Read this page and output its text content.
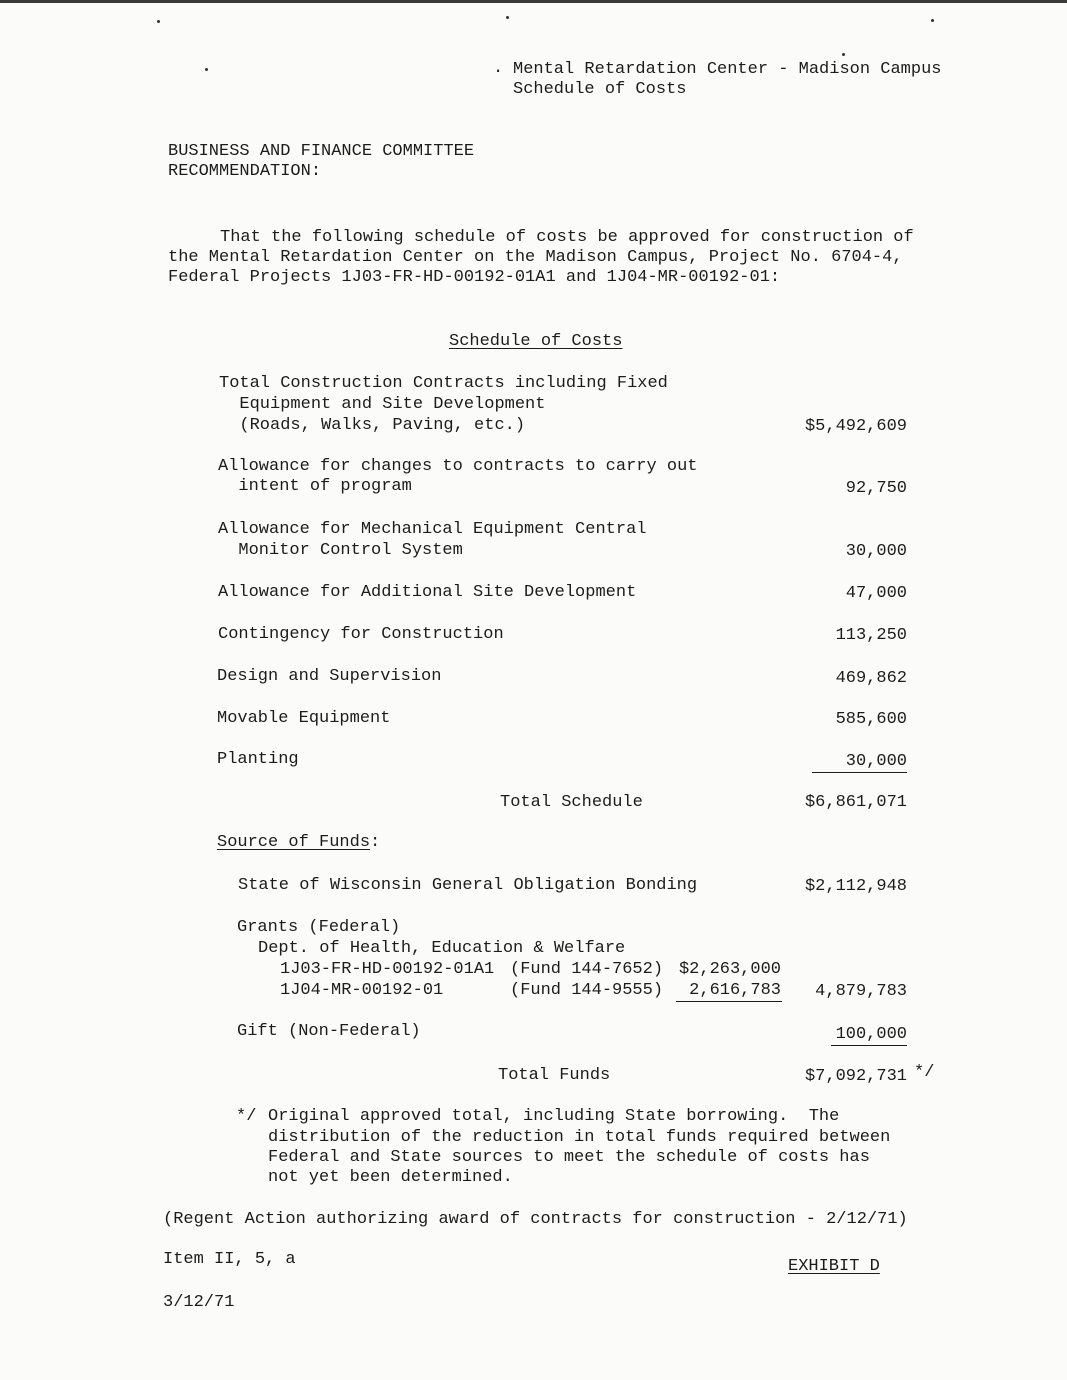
. Mental Retardation Center - Madison Campus
Schedule of Costs
BUSINESS AND FINANCE COMMITTEE
RECOMMENDATION:
That the following schedule of costs be approved for construction of
the Mental Retardation Center on the Madison Campus, Project No. 6704-4,
Federal Projects 1J03-FR-HD-00192-01A1 and 1J04-MR-00192-01:
Schedule of Costs
Total Construction Contracts including Fixed
Equipment and Site Development
(Roads, Walks, Paving, etc.)	$5,492,609
Allowance for changes to contracts to carry out
intent of program	92,750
Allowance for Mechanical Equipment Central
Monitor Control System	30,000
Allowance for Additional Site Development	47,000
Contingency for Construction	113,250
Design and Supervision	469,862
Movable Equipment	585,600
Planting	30,000
Total Schedule	$6,861,071
Source of Funds:
State of Wisconsin General Obligation Bonding	$2,112,948
Grants (Federal)
Dept. of Health, Education & Welfare
1J03-FR-HD-00192-01A1 (Fund 144-7652) $2,263,000
1J04-MR-00192-01	(Fund 144-9555) 2,616,783 4,879,783
Gift (Non-Federal)	100,000
Total Funds	$7,092,731 */
*/ Original approved total, including State borrowing.  The
distribution of the reduction in total funds required between
Federal and State sources to meet the schedule of costs has
not yet been determined.
(Regent Action authorizing award of contracts for construction - 2/12/71)
Item II, 5, a	EXHIBIT D
3/12/71
